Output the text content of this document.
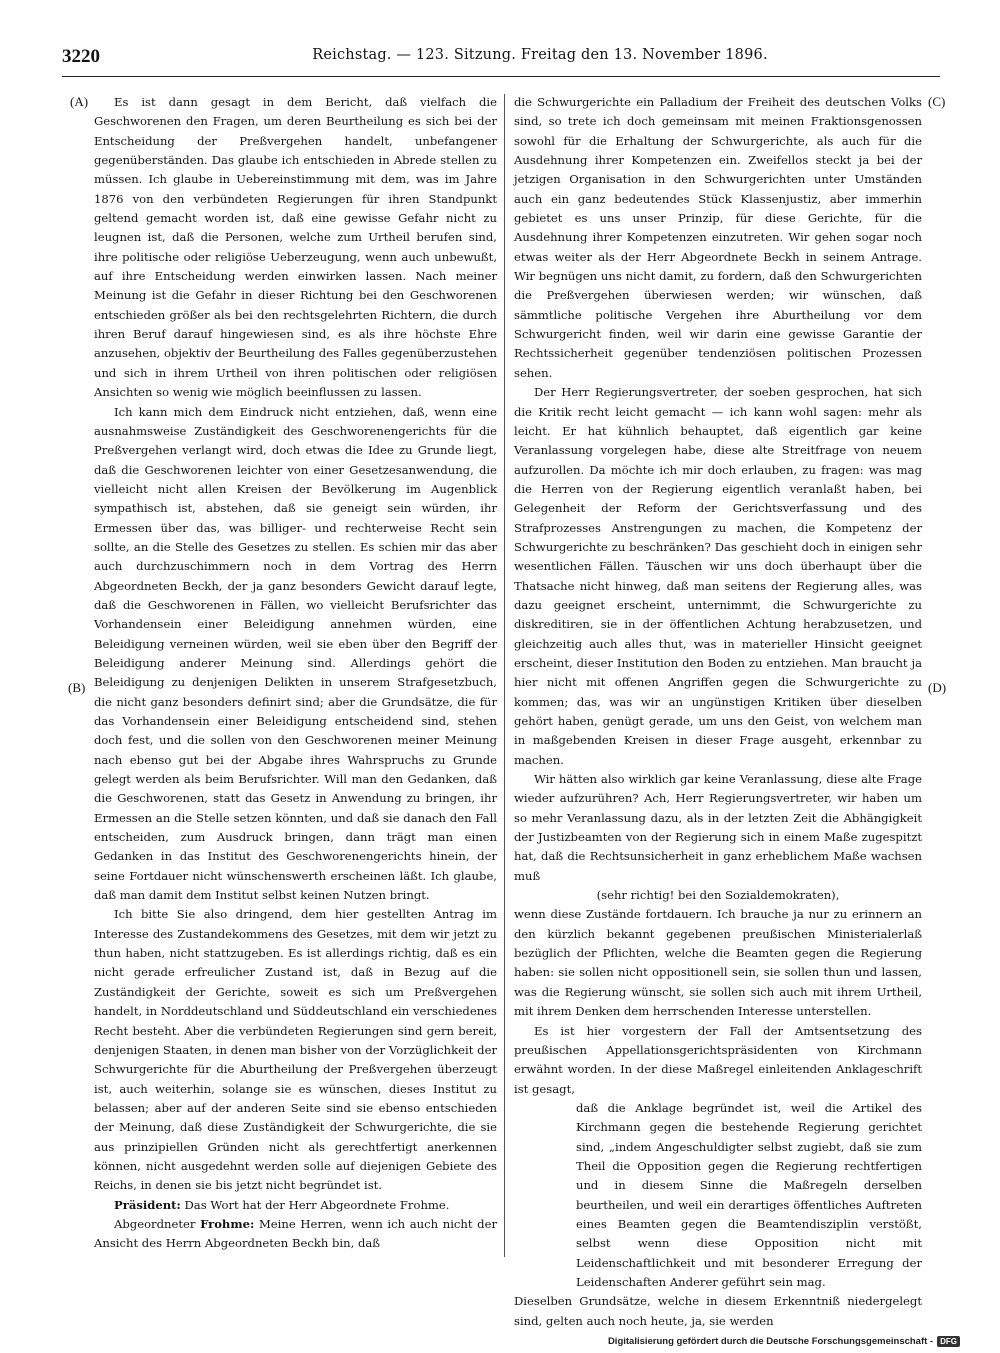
3220	Reichstag. — 123. Sitzung. Freitag den 13. November 1896.
(A)
(B)
(C)
(D)

Es ist dann gesagt in dem Bericht, daß vielfach die Geschworenen den Fragen, um deren Beurtheilung es sich bei der Entscheidung der Preßvergehen handelt, unbefangener gegenüberständen. Das glaube ich entschieden in Abrede stellen zu müssen. Ich glaube in Uebereinstimmung mit dem, was im Jahre 1876 von den verbündeten Regierungen für ihren Standpunkt geltend gemacht worden ist, daß eine gewisse Gefahr nicht zu leugnen ist, daß die Personen, welche zum Urtheil berufen sind, ihre politische oder religiöse Ueberzeugung, wenn auch unbewußt, auf ihre Entscheidung werden einwirken lassen. Nach meiner Meinung ist die Gefahr in dieser Richtung bei den Geschworenen entschieden größer als bei den rechtsgelehrten Richtern, die durch ihren Beruf darauf hingewiesen sind, es als ihre höchste Ehre anzusehen, objektiv der Beurtheilung des Falles gegenüberzustehen und sich in ihrem Urtheil von ihren politischen oder religiösen Ansichten so wenig wie möglich beeinflussen zu lassen.

Ich kann mich dem Eindruck nicht entziehen, daß, wenn eine ausnahmsweise Zuständigkeit des Geschworenengerichts für die Preßvergehen verlangt wird, doch etwas die Idee zu Grunde liegt, daß die Geschworenen leichter von einer Gesetzesanwendung, die vielleicht nicht allen Kreisen der Bevölkerung im Augenblick sympathisch ist, abstehen, daß sie geneigt sein würden, ihr Ermessen über das, was billiger- und rechterweise Recht sein sollte, an die Stelle des Gesetzes zu stellen. Es schien mir das aber auch durchzuschimmern noch in dem Vortrag des Herrn Abgeordneten Beckh, der ja ganz besonders Gewicht darauf legte, daß die Geschworenen in Fällen, wo vielleicht Berufsrichter das Vorhandensein einer Beleidigung annehmen würden, eine Beleidigung verneinen würden, weil sie eben über den Begriff der Beleidigung anderer Meinung sind. Allerdings gehört die Beleidigung zu denjenigen Delikten in unserem Strafgesetzbuch, die nicht ganz besonders definirt sind; aber die Grundsätze, die für das Vorhandensein einer Beleidigung entscheidend sind, stehen doch fest, und die sollen von den Geschworenen meiner Meinung nach ebenso gut bei der Abgabe ihres Wahrspruchs zu Grunde gelegt werden als beim Berufsrichter. Will man den Gedanken, daß die Geschworenen, statt das Gesetz in Anwendung zu bringen, ihr Ermessen an die Stelle setzen könnten, und daß sie danach den Fall entscheiden, zum Ausdruck bringen, dann trägt man einen Gedanken in das Institut des Geschworenengerichts hinein, der seine Fortdauer nicht wünschenswerth erscheinen läßt. Ich glaube, daß man damit dem Institut selbst keinen Nutzen bringt.

Ich bitte Sie also dringend, dem hier gestellten Antrag im Interesse des Zustandekommens des Gesetzes, mit dem wir jetzt zu thun haben, nicht stattzugeben. Es ist allerdings richtig, daß es ein nicht gerade erfreulicher Zustand ist, daß in Bezug auf die Zuständigkeit der Gerichte, soweit es sich um Preßvergehen handelt, in Norddeutschland und Süddeutschland ein verschiedenes Recht besteht. Aber die verbündeten Regierungen sind gern bereit, denjenigen Staaten, in denen man bisher von der Vorzüglichkeit der Schwurgerichte für die Aburtheilung der Preßvergehen überzeugt ist, auch weiterhin, solange sie es wünschen, dieses Institut zu belassen; aber auf der anderen Seite sind sie ebenso entschieden der Meinung, daß diese Zuständigkeit der Schwurgerichte, die sie aus prinzipiellen Gründen nicht als gerechtfertigt anerkennen können, nicht ausgedehnt werden solle auf diejenigen Gebiete des Reichs, in denen sie bis jetzt nicht begründet ist.

Präsident: Das Wort hat der Herr Abgeordnete Frohme.

Abgeordneter Frohme: Meine Herren, wenn ich auch nicht der Ansicht des Herrn Abgeordneten Beckh bin, daß

die Schwurgerichte ein Palladium der Freiheit des deutschen Volks sind, so trete ich doch gemeinsam mit meinen Fraktionsgenossen sowohl für die Erhaltung der Schwurgerichte, als auch für die Ausdehnung ihrer Kompetenzen ein. Zweifellos steckt ja bei der jetzigen Organisation in den Schwurgerichten unter Umständen auch ein ganz bedeutendes Stück Klassenjustiz, aber immerhin gebietet es uns unser Prinzip, für diese Gerichte, für die Ausdehnung ihrer Kompetenzen einzutreten. Wir gehen sogar noch etwas weiter als der Herr Abgeordnete Beckh in seinem Antrage. Wir begnügen uns nicht damit, zu fordern, daß den Schwurgerichten die Preßvergehen überwiesen werden; wir wünschen, daß sämmtliche politische Vergehen ihre Aburtheilung vor dem Schwurgericht finden, weil wir darin eine gewisse Garantie der Rechtssicherheit gegenüber tendenziösen politischen Prozessen sehen.

Der Herr Regierungsvertreter, der soeben gesprochen, hat sich die Kritik recht leicht gemacht — ich kann wohl sagen: mehr als leicht. Er hat kühnlich behauptet, daß eigentlich gar keine Veranlassung vorgelegen habe, diese alte Streitfrage von neuem aufzurollen. Da möchte ich mir doch erlauben, zu fragen: was mag die Herren von der Regierung eigentlich veranlaßt haben, bei Gelegenheit der Reform der Gerichtsverfassung und des Strafprozesses Anstrengungen zu machen, die Kompetenz der Schwurgerichte zu beschränken? Das geschieht doch in einigen sehr wesentlichen Fällen. Täuschen wir uns doch überhaupt über die Thatsache nicht hinweg, daß man seitens der Regierung alles, was dazu geeignet erscheint, unternimmt, die Schwurgerichte zu diskreditiren, sie in der öffentlichen Achtung herabzusetzen, und gleichzeitig auch alles thut, was in materieller Hinsicht geeignet erscheint, dieser Institution den Boden zu entziehen. Man braucht ja hier nicht mit offenen Angriffen gegen die Schwurgerichte zu kommen; das, was wir an ungünstigen Kritiken über dieselben gehört haben, genügt gerade, um uns den Geist, von welchem man in maßgebenden Kreisen in dieser Frage ausgeht, erkennbar zu machen.

Wir hätten also wirklich gar keine Veranlassung, diese alte Frage wieder aufzurühren? Ach, Herr Regierungsvertreter, wir haben um so mehr Veranlassung dazu, als in der letzten Zeit die Abhängigkeit der Justizbeamten von der Regierung sich in einem Maße zugespitzt hat, daß die Rechtsunsicherheit in ganz erheblichem Maße wachsen muß

(sehr richtig! bei den Sozialdemokraten),

wenn diese Zustände fortdauern. Ich brauche ja nur zu erinnern an den kürzlich bekannt gegebenen preußischen Ministerialerlaß bezüglich der Pflichten, welche die Beamten gegen die Regierung haben: sie sollen nicht oppositionell sein, sie sollen thun und lassen, was die Regierung wünscht, sie sollen sich auch mit ihrem Urtheil, mit ihrem Denken dem herrschenden Interesse unterstellen.

Es ist hier vorgestern der Fall der Amtsentsetzung des preußischen Appellationsgerichtspräsidenten von Kirchmann erwähnt worden. In der diese Maßregel einleitenden Anklageschrift ist gesagt,

daß die Anklage begründet ist, weil die Artikel des Kirchmann gegen die bestehende Regierung gerichtet sind, „indem Angeschuldigter selbst zugiebt, daß sie zum Theil die Opposition gegen die Regierung rechtfertigen und in diesem Sinne die Maßregeln derselben beurtheilen, und weil ein derartiges öffentliches Auftreten eines Beamten gegen die Beamtendisziplin verstößt, selbst wenn diese Opposition nicht mit Leidenschaftlichkeit und mit besonderer Erregung der Leidenschaften Anderer geführt sein mag.

Dieselben Grundsätze, welche in diesem Erkenntniß niedergelegt sind, gelten auch noch heute, ja, sie werden

Digitalisierung gefördert durch die Deutsche Forschungsgemeinschaft - DFG
